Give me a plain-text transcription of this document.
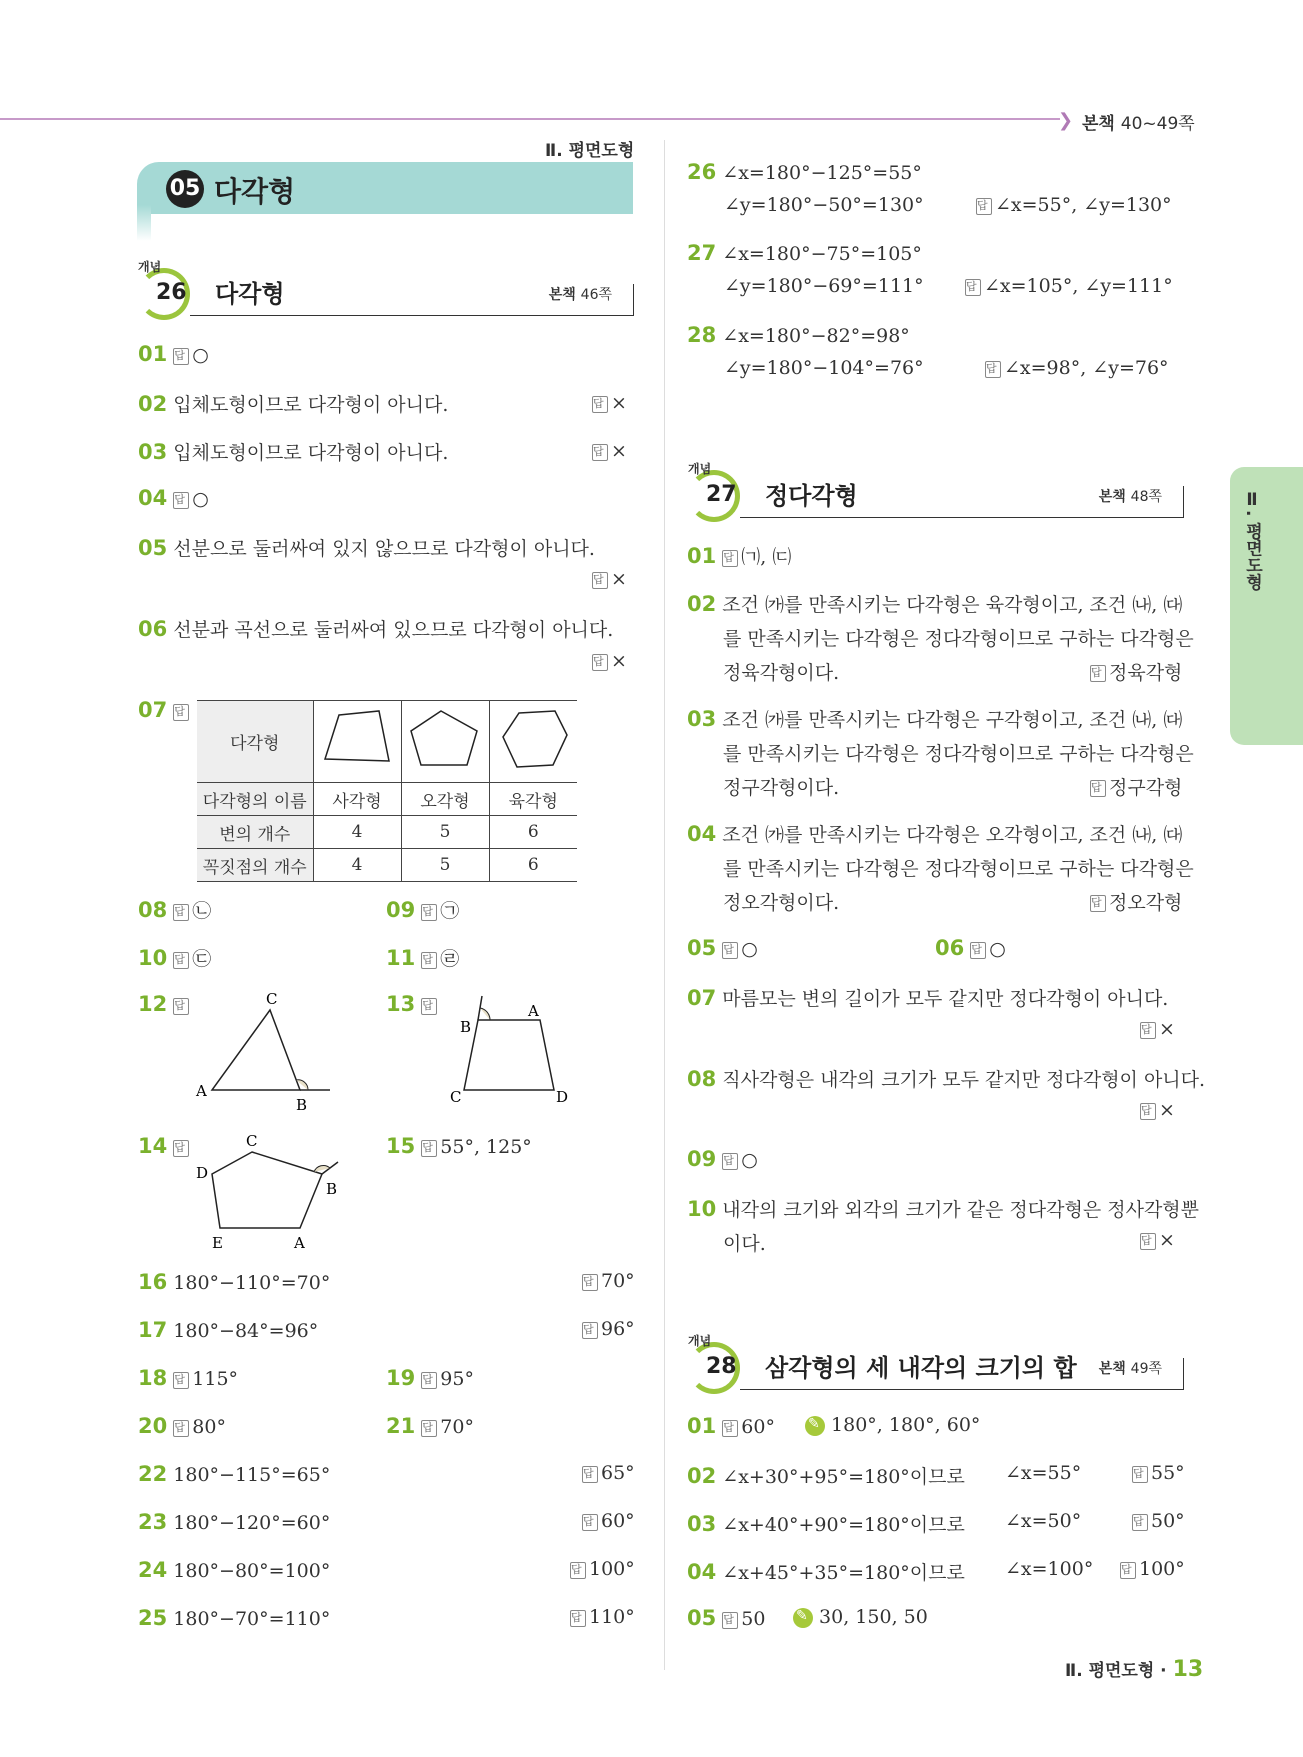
❯ 본책 40~49쪽
Ⅱ. 평면도형
05 다각형
Ⅱ. 평면도형
개념
26 다각형	본책 46쪽
01 답 ○
02 입체도형이므로 다각형이 아니다. 답	×
03 입체도형이므로 다각형이 아니다. 답	×
04 답 ○
05 선분으로 둘러싸여 있지 않으므로 다각형이 아니다.
답×
06 선분과 곡선으로 둘러싸여 있으므로 다각형이 아니다.
답×
07 답
다각형			
다각형의 이름	사각형	오각형	육각형
변의 개수	4	5	6
꼭짓점의 개수	4	5	6
08 답 ㉡	09 답 ㉠
10 답 ㉢	11 답 ㉣
12 답	C
A
B
13 답
B
A
C	D
14 답	C
D
B
E	A
15 답 55°, 125°
16 180°−110°=70° 답	70°
17 180°−84°=96° 답	96°
18 답 115°	19 답 95°
20 답 80°	21 답 70°
22 180°−115°=65° 답	65°
23 180°−120°=60° 답	60°
24 180°−80°=100° 답	100°
25 180°−70°=110° 답	110°
26 ∠x=180°−125°=55°
∠y=180°−50°=130° 답	∠x=55°, ∠y=130°
27 ∠x=180°−75°=105°
∠y=180°−69°=111° 답	∠x=105°, ∠y=111°
28 ∠x=180°−82°=98°
∠y=180°−104°=76° 답	∠x=98°, ∠y=76°
개념
27 정다각형	본책 48쪽
01 답 ㈀, ㈂
02 조건 ㈎를 만족시키는 다각형은 육각형이고, 조건 ㈏, ㈐
를 만족시키는 다각형은 정다각형이므로 구하는 다각형은
정육각형이다. 답	정육각형
03 조건 ㈎를 만족시키는 다각형은 구각형이고, 조건 ㈏, ㈐
를 만족시키는 다각형은 정다각형이므로 구하는 다각형은
정구각형이다. 답	정구각형
04 조건 ㈎를 만족시키는 다각형은 오각형이고, 조건 ㈏, ㈐
를 만족시키는 다각형은 정다각형이므로 구하는 다각형은
정오각형이다. 답	정오각형
05 답 ○	06 답 ○
07 마름모는 변의 길이가 모두 같지만 정다각형이 아니다.
답×
08 직사각형은 내각의 크기가 모두 같지만 정다각형이 아니다.
답×
09 답 ○
10 내각의 크기와 외각의 크기가 같은 정다각형은 정사각형뿐
이다. 답	×
개념
28 삼각형의 세 내각의 크기의 합 본책 49쪽
01 답 60° ✎	180°, 180°, 60°
02 ∠x+30°+95°=180°이므로 ∠x=55° 답	55°
03 ∠x+40°+90°=180°이므로 ∠x=50° 답	50°
04 ∠x+45°+35°=180°이므로 ∠x=100° 답	100°
05 답 50 ✎	30, 150, 50
Ⅱ. 평면도형 · 13
